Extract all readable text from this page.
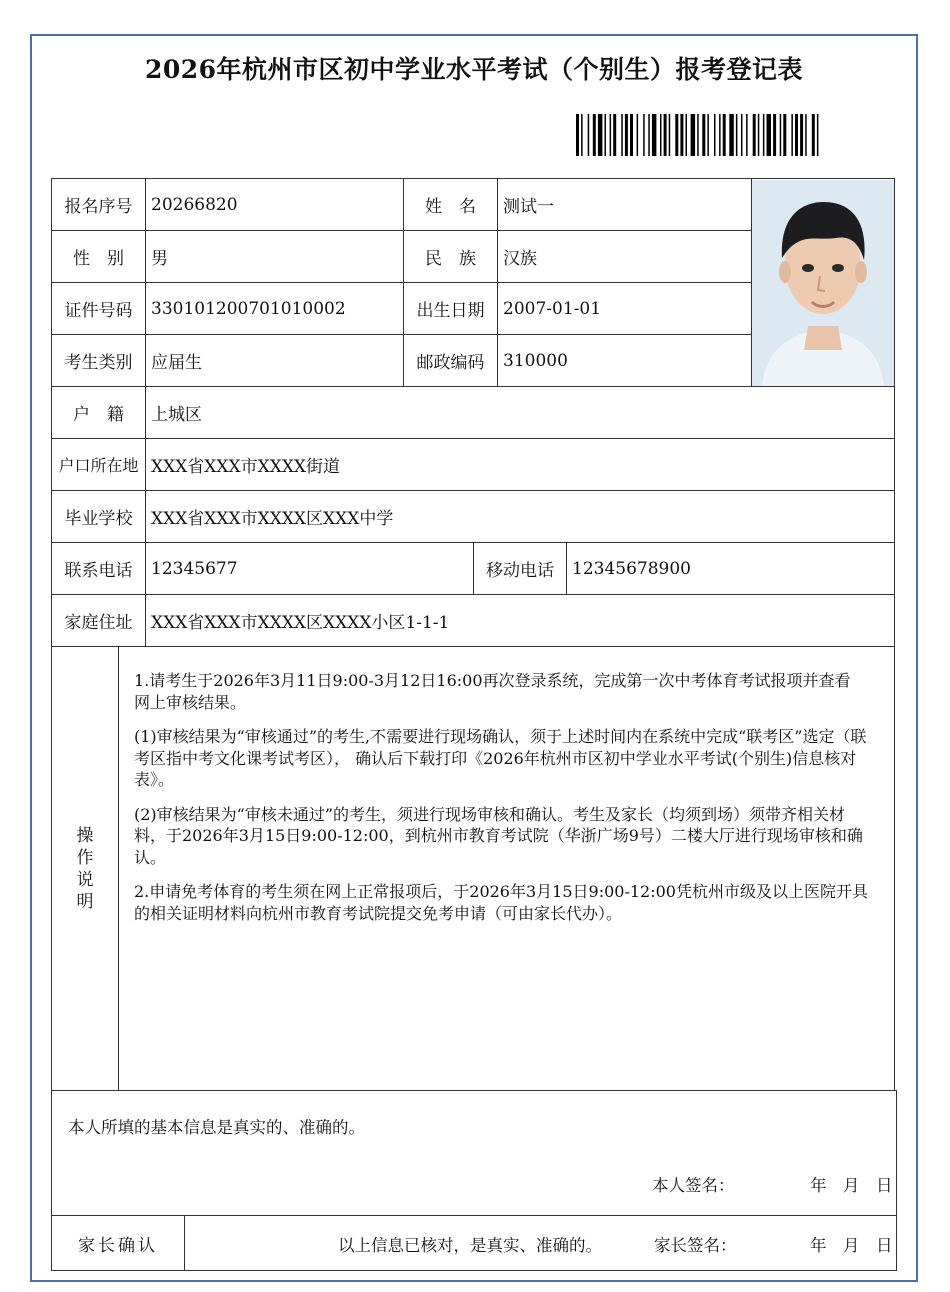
2026年杭州市区初中学业水平考试（个别生）报考登记表
报名序号	20266820	姓　名	测试一
性　别	男	民　族	汉族
证件号码	330101200701010002	出生日期	2007-01-01
考生类别	应届生	邮政编码	310000
户　籍	上城区
户口所在地 XXX省XXX市XXXX街道
毕业学校	XXX省XXX市XXXX区XXX中学
联系电话	12345677	移动电话	12345678900
家庭住址	XXX省XXX市XXXX区XXXX小区1-1-1
操
作
说
明

1.请考生于2026年3月11日9:00-3月12日16:00再次登录系统，完成第一次中考体育考试报项并查看网上审核结果。

(1)审核结果为“审核通过”的考生,不需要进行现场确认，须于上述时间内在系统中完成“联考区”选定（联考区指中考文化课考试考区）， 确认后下载打印《2026年杭州市区初中学业水平考试(个别生)信息核对表》。

(2)审核结果为“审核未通过”的考生，须进行现场审核和确认。考生及家长（均须到场）须带齐相关材料，于2026年3月15日9:00-12:00，到杭州市教育考试院（华浙广场9号）二楼大厅进行现场审核和确认。

2.申请免考体育的考生须在网上正常报项后，于2026年3月15日9:00-12:00凭杭州市级及以上医院开具的相关证明材料向杭州市教育考试院提交免考申请（可由家长代办）。

本人所填的基本信息是真实的、准确的。
本人签名：	年　月　日
家长确认	以上信息已核对，是真实、准确的。	家长签名：	年　月　日
